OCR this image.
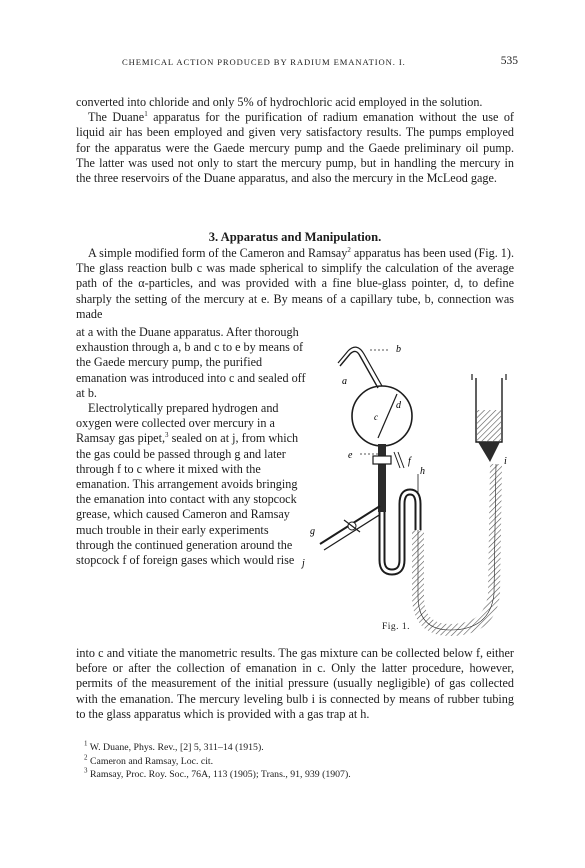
CHEMICAL ACTION PRODUCED BY RADIUM EMANATION. I.	535

converted into chloride and only 5% of hydrochloric acid employed in the solution.

The Duane$^1$ apparatus for the purification of radium emanation without the use of liquid air has been employed and given very satisfactory results. The pumps employed for the apparatus were the Gaede mercury pump and the Gaede preliminary oil pump. The latter was used not only to start the mercury pump, but in handling the mercury in the three reservoirs of the Duane apparatus, and also the mercury in the McLeod gage.

3. Apparatus and Manipulation.

A simple modified form of the Cameron and Ramsay$^2$ apparatus has been used (Fig. 1). The glass reaction bulb c was made spherical to simplify the calculation of the average path of the α-particles, and was provided with a fine blue-glass pointer, d, to define sharply the setting of the mercury at e. By means of a capillary tube, b, connection was made

at a with the Duane apparatus. After thorough exhaustion through a, b and c to e by means of the Gaede mercury pump, the purified emanation was introduced into c and sealed off at b.

Electrolytically prepared hydrogen and oxygen were collected over mercury in a Ramsay gas pipet,$^3$ sealed on at j, from which the gas could be passed through g and later through f to c where it mixed with the emanation. This arrangement avoids bringing the emanation into contact with any stopcock grease, which caused Cameron and Ramsay much trouble in their early experiments through the continued generation around the stopcock f of foreign gases which would rise

into c and vitiate the manometric results. The gas mixture can be collected below f, either before or after the collection of emanation in c. Only the latter procedure, however, permits of the measurement of the initial pressure (usually negligible) of gas collected with the emanation. The mercury leveling bulb i is connected by means of rubber tubing to the glass apparatus which is provided with a gas trap at h.

a
c
d
b
e
f
g
h
i
j
Fig. 1.

$^1$ W. Duane, Phys. Rev., [2] 5, 311–14 (1915).

$^2$ Cameron and Ramsay, Loc. cit.

$^3$ Ramsay, Proc. Roy. Soc., 76A, 113 (1905); Trans., 91, 939 (1907).
